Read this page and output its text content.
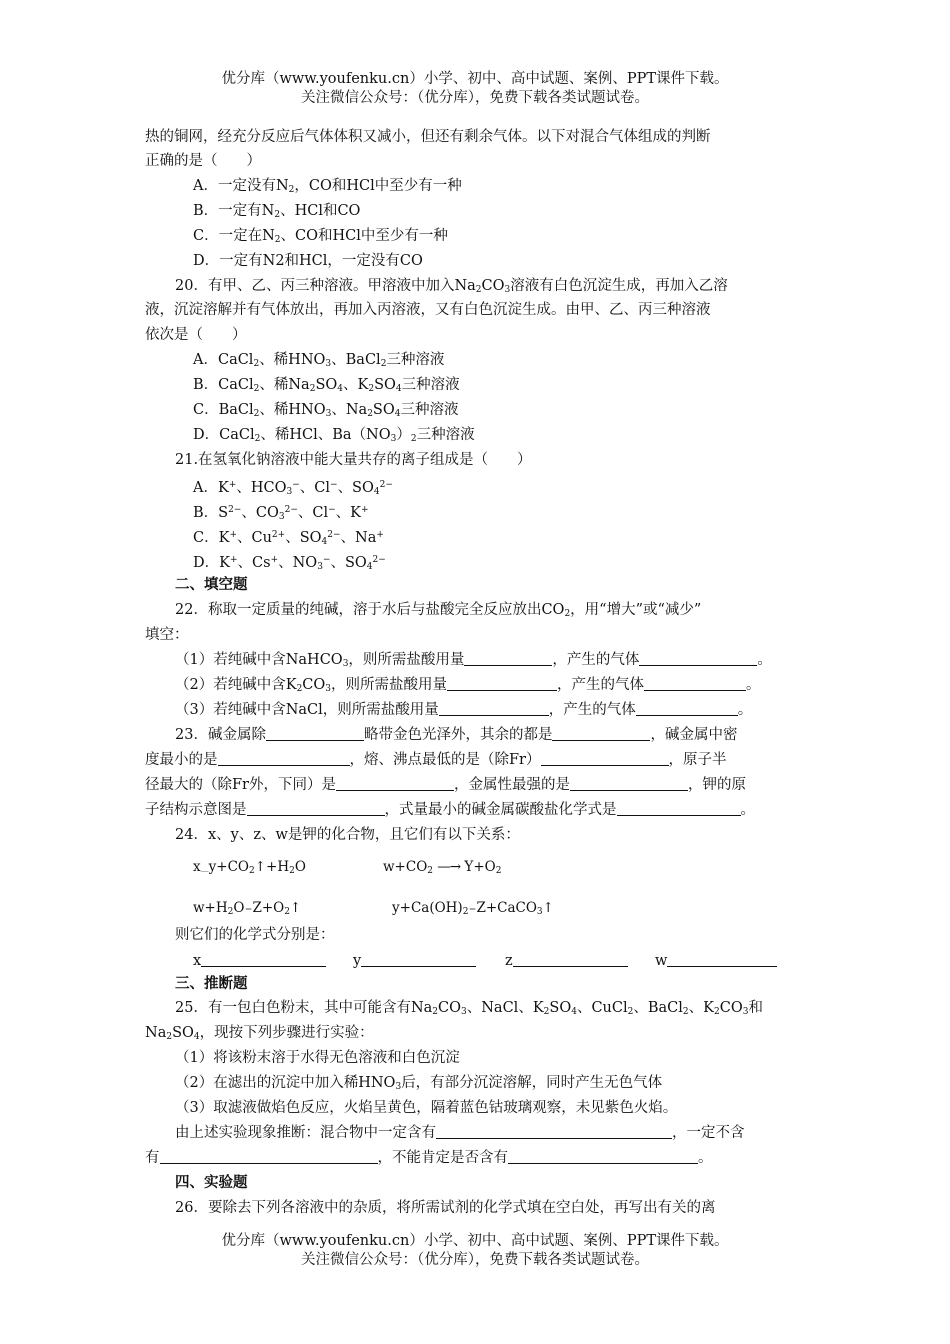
优分库（www.youfenku.cn）小学、初中、高中试题、案例、PPT课件下载。
关注微信公众号：（优分库），免费下载各类试题试卷。
热的铜网，经充分反应后气体体积又减小，但还有剩余气体。以下对混合气体组成的判断
正确的是（　　）
A．一定没有$N_2$，CO和HCl中至少有一种
B．一定有$N_2$、HCl和CO
C．一定在$N_2$、CO和HCl中至少有一种
D．一定有N2和HCl，一定没有CO
20．有甲、乙、丙三种溶液。甲溶液中加入$Na_2CO_3$溶液有白色沉淀生成，再加入乙溶
液，沉淀溶解并有气体放出，再加入丙溶液，又有白色沉淀生成。由甲、乙、丙三种溶液
依次是（　　）
A．CaCl$_2$、稀$HNO_3$、BaCl$_2$三种溶液
B．CaCl$_2$、稀$Na_2SO_4$、$K_2SO_4$三种溶液
C．BaCl$_2$、稀$HNO_3$、$Na_2SO_4$三种溶液
D．CaCl$_2$、稀HCl、$Ba(NO_3)_2$三种溶液
21.在氢氧化钠溶液中能大量共存的离子组成是（　　）
A．K+、$HCO_3^-$、Cl−、$SO_4^{2-}$
B．$S^{2-}$、$CO_3^{2-}$、Cl−、K+
C．K+、$Cu^{2+}$、$SO_4^{2-}$、Na+
D．K+、Cs+、$NO_3^-$、$SO_4^{2-}$
二、填空题
22．称取一定质量的纯碱，溶于水后与盐酸完全反应放出$CO_2$，用“增大”或“减少”
填空：
（1）若纯碱中含NaHCO$_3$，则所需盐酸用量	，产生的气体	。
（2）若纯碱中含$K_2CO_3$，则所需盐酸用量	，产生的气体	。
（3）若纯碱中含NaCl，则所需盐酸用量	，产生的气体	。
23．碱金属除	略带金色光泽外，其余的都是	，碱金属中密
度最小的是	，熔、沸点最低的是（除Fr）	，原子半
径最大的（除Fr外，下同）是	，金属性最强的是	，钾的原
子结构示意图是	，式量最小的碱金属碳酸盐化学式是	。
24．x、y、z、w是钾的化合物，且它们有以下关系：
$x\_y+CO_2↑+H_2O$	$w+CO_2$ —→ $Y+O_2$
$w+H_2O=Z+O_2↑$	$y+Ca(OH)_2=Z+CaCO_3↑$
则它们的化学式分别是：
x	y	z	w
三、推断题
25．有一包白色粉末，其中可能含有$Na_2CO_3$、NaCl、$K_2SO_4$、CuCl$_2$、BaCl$_2$、$K_2CO_3$和
$Na_2SO_4$，现按下列步骤进行实验：
（1）将该粉末溶于水得无色溶液和白色沉淀
（2）在滤出的沉淀中加入稀$HNO_3$后，有部分沉淀溶解，同时产生无色气体
（3）取滤液做焰色反应，火焰呈黄色，隔着蓝色钴玻璃观察，未见紫色火焰。
由上述实验现象推断：混合物中一定含有	，一定不含
有	，不能肯定是否含有	。
四、实验题
26．要除去下列各溶液中的杂质，将所需试剂的化学式填在空白处，再写出有关的离
优分库（www.youfenku.cn）小学、初中、高中试题、案例、PPT课件下载。
关注微信公众号：（优分库），免费下载各类试题试卷。
